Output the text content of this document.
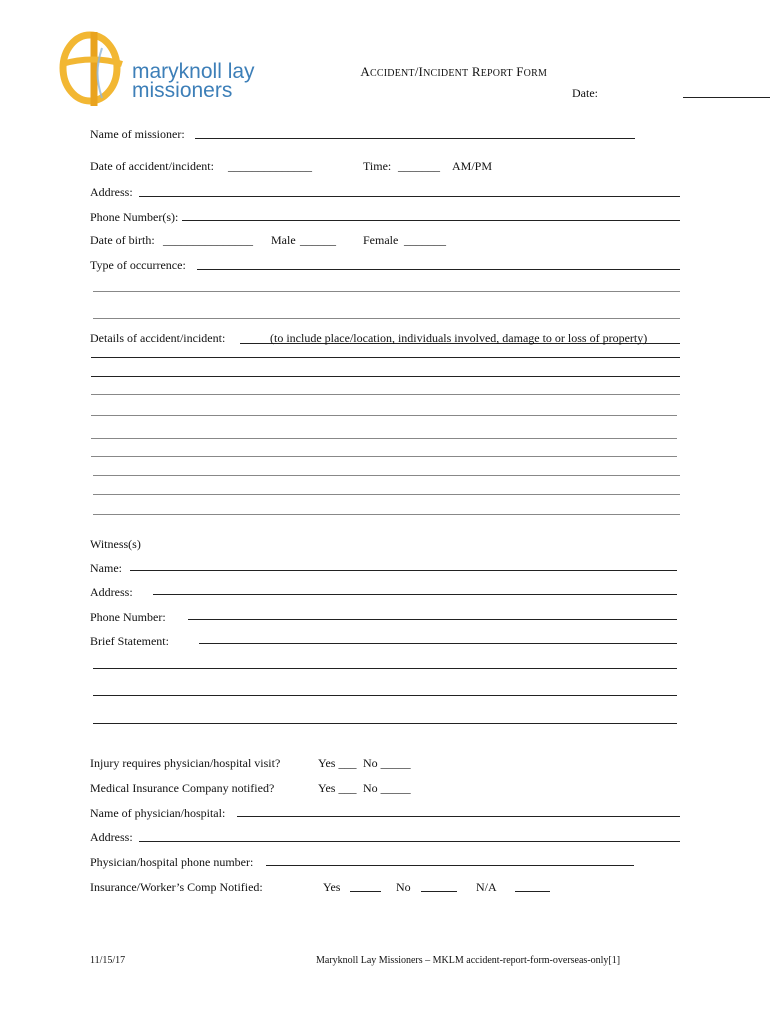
maryknoll lay
missioners

ACCIDENT/INCIDENT REPORT FORM

Date:
Name of missioner:
Date of accident/incident: ______________	Time: _______ AM/PM
Address:
Phone Number(s):
Date of birth: _______________ Male ______ Female _______
Type of occurrence:
Details of accident/incident:	(to include place/location, individuals involved, damage to or loss of property)
Witness(s)
Name:
Address:
Phone Number:
Brief Statement:
Injury requires physician/hospital visit?	Yes ___ No _____
Medical Insurance Company notified?	Yes ___ No _____
Name of physician/hospital:
Address:
Physician/hospital phone number:
Insurance/Worker’s Comp Notified:	Yes	No	N/A
11/15/17	Maryknoll Lay Missioners – MKLM accident-report-form-overseas-only[1]
